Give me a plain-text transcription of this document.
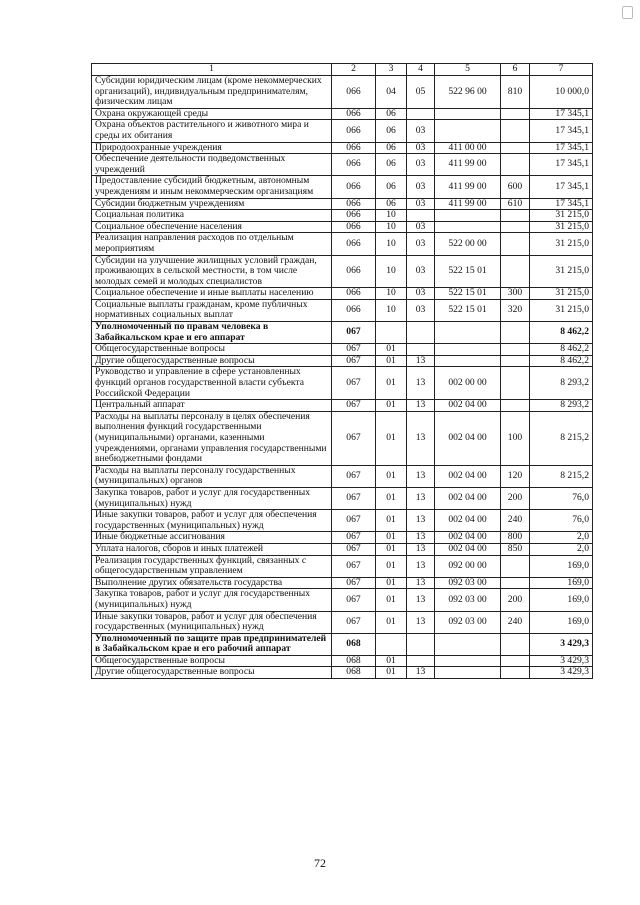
1	2	3	4	5	6	7
Субсидии юридическим лицам (кроме некоммерческих организаций), индивидуальным предпринимателям, физическим лицам	066	04	05	522 96 00	810	10 000,0
Охрана окружающей среды	066	06				17 345,1
Охрана объектов растительного и животного мира и среды их обитания	066	06	03			17 345,1
Природоохранные учреждения	066	06	03	411 00 00		17 345,1
Обеспечение деятельности подведомственных учреждений	066	06	03	411 99 00		17 345,1
Предоставление субсидий бюджетным, автономным учреждениям и иным некоммерческим организациям	066	06	03	411 99 00	600	17 345,1
Субсидии бюджетным учреждениям	066	06	03	411 99 00	610	17 345,1
Социальная политика	066	10				31 215,0
Социальное обеспечение населения	066	10	03			31 215,0
Реализация направления расходов по отдельным мероприятиям	066	10	03	522 00 00		31 215,0
Субсидии на улучшение жилищных условий граждан, проживающих в сельской местности, в том числе молодых семей и молодых специалистов	066	10	03	522 15 01		31 215,0
Социальное обеспечение и иные выплаты населению	066	10	03	522 15 01	300	31 215,0
Социальные выплаты гражданам, кроме публичных нормативных социальных выплат	066	10	03	522 15 01	320	31 215,0
Уполномоченный по правам человека в Забайкальском крае и его аппарат	067					8 462,2
Общегосударственные вопросы	067	01				8 462,2
Другие общегосударственные вопросы	067	01	13			8 462,2
Руководство и управление в сфере установленных функций органов государственной власти субъекта Российской Федерации	067	01	13	002 00 00		8 293,2
Центральный аппарат	067	01	13	002 04 00		8 293,2
Расходы на выплаты персоналу в целях обеспечения выполнения функций государственными (муниципальными) органами, казенными учреждениями, органами управления государственными внебюджетными фондами	067	01	13	002 04 00	100	8 215,2
Расходы на выплаты персоналу государственных (муниципальных) органов	067	01	13	002 04 00	120	8 215,2
Закупка товаров, работ и услуг для государственных (муниципальных) нужд	067	01	13	002 04 00	200	76,0
Иные закупки товаров, работ и услуг для обеспечения государственных (муниципальных) нужд	067	01	13	002 04 00	240	76,0
Иные бюджетные ассигнования	067	01	13	002 04 00	800	2,0
Уплата налогов, сборов и иных платежей	067	01	13	002 04 00	850	2,0
Реализация государственных функций, связанных с общегосударственным управлением	067	01	13	092 00 00		169,0
Выполнение других обязательств государства	067	01	13	092 03 00		169,0
Закупка товаров, работ и услуг для государственных (муниципальных) нужд	067	01	13	092 03 00	200	169,0
Иные закупки товаров, работ и услуг для обеспечения государственных (муниципальных) нужд	067	01	13	092 03 00	240	169,0
Уполномоченный по защите прав предпринимателей в Забайкальском крае и его рабочий аппарат	068					3 429,3
Общегосударственные вопросы	068	01				3 429,3
Другие общегосударственные вопросы	068	01	13			3 429,3
72
